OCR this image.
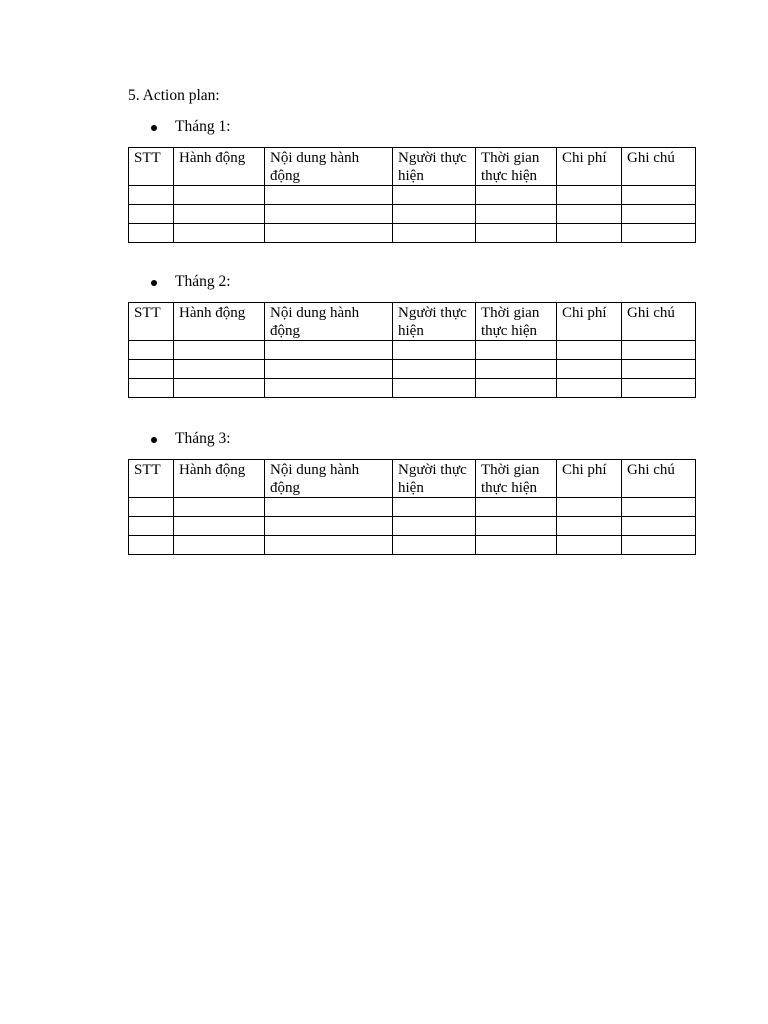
5. Action plan:
Tháng 1:
STT	Hành động	Nội dung hành động	Người thực hiện	Thời gian thực hiện	Chi phí	Ghi chú

Tháng 2:
STT	Hành động	Nội dung hành động	Người thực hiện	Thời gian thực hiện	Chi phí	Ghi chú

Tháng 3:
STT	Hành động	Nội dung hành động	Người thực hiện	Thời gian thực hiện	Chi phí	Ghi chú
